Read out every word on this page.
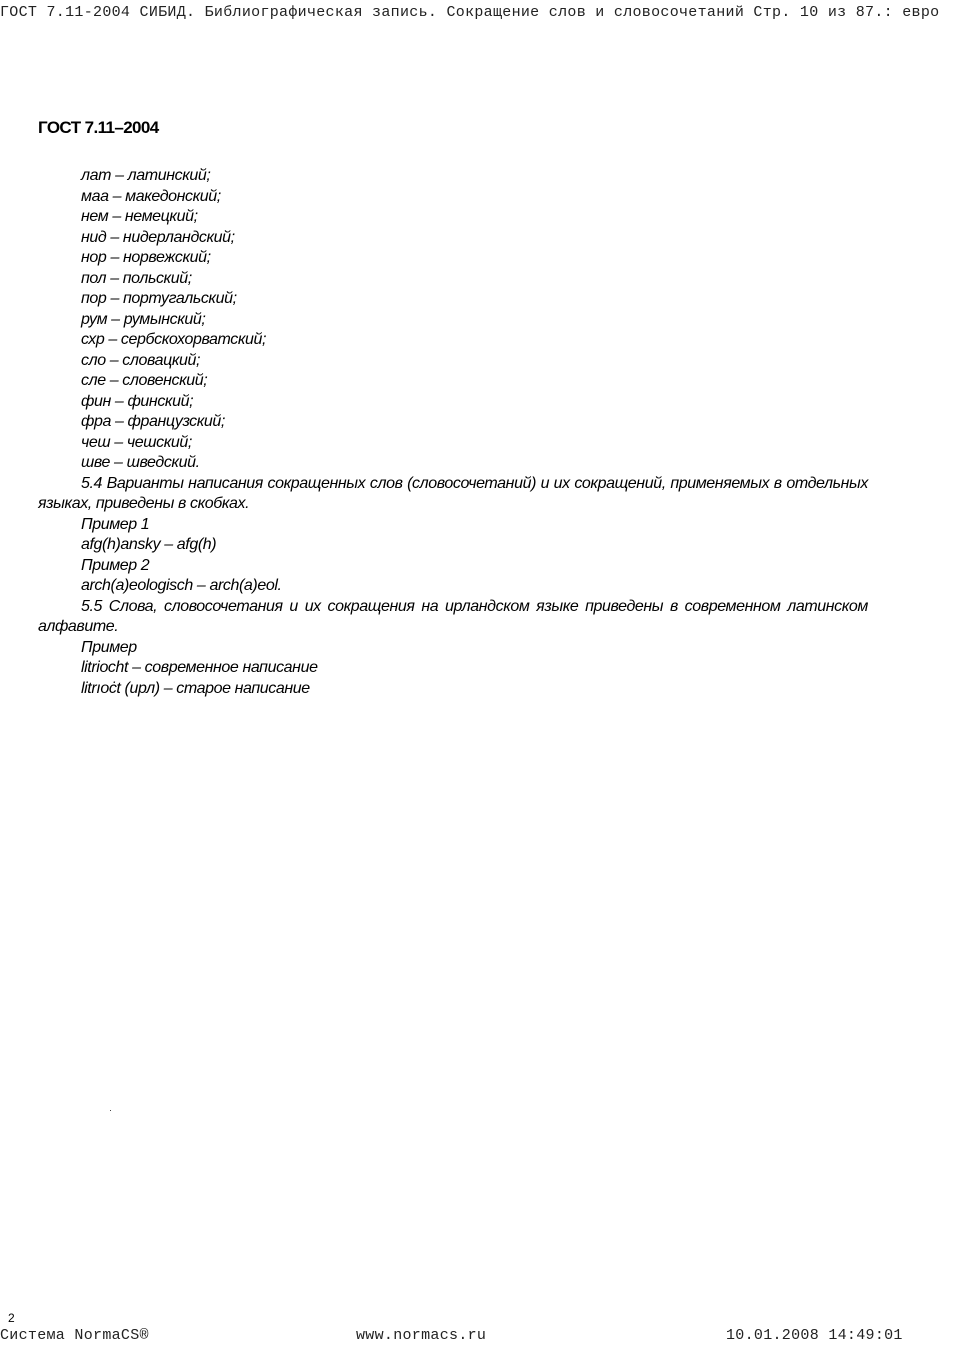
ГОСТ 7.11-2004 СИБИД. Библиографическая запись. Сокращение слов и словосочетаний Стр. 10 из 87.: евро
ГОСТ 7.11–2004
лат – латинский;
маа – македонский;
нем – немецкий;
нид – нидерландский;
нор – норвежский;
пол – польский;
пор – португальский;
рум – румынский;
схр – сербскохорватский;
сло – словацкий;
сле – словенский;
фин – финский;
фра – французский;
чеш – чешский;
шве – шведский.

5.4 Варианты написания сокращенных слов (словосочетаний) и их сокращений, применяемых в отдельных языках, приведены в скобках.

Пример 1
afg(h)ansky – afg(h)
Пример 2
arch(a)eologisch – arch(a)eol.

5.5 Слова, словосочетания и их сокращения на ирландском языке приведены в современном латинском алфавите.

Пример
litriocht – современное написание
litrıoċt (ирл) – старое написание
2
Система NormaCS®	www.normacs.ru	10.01.2008 14:49:01
